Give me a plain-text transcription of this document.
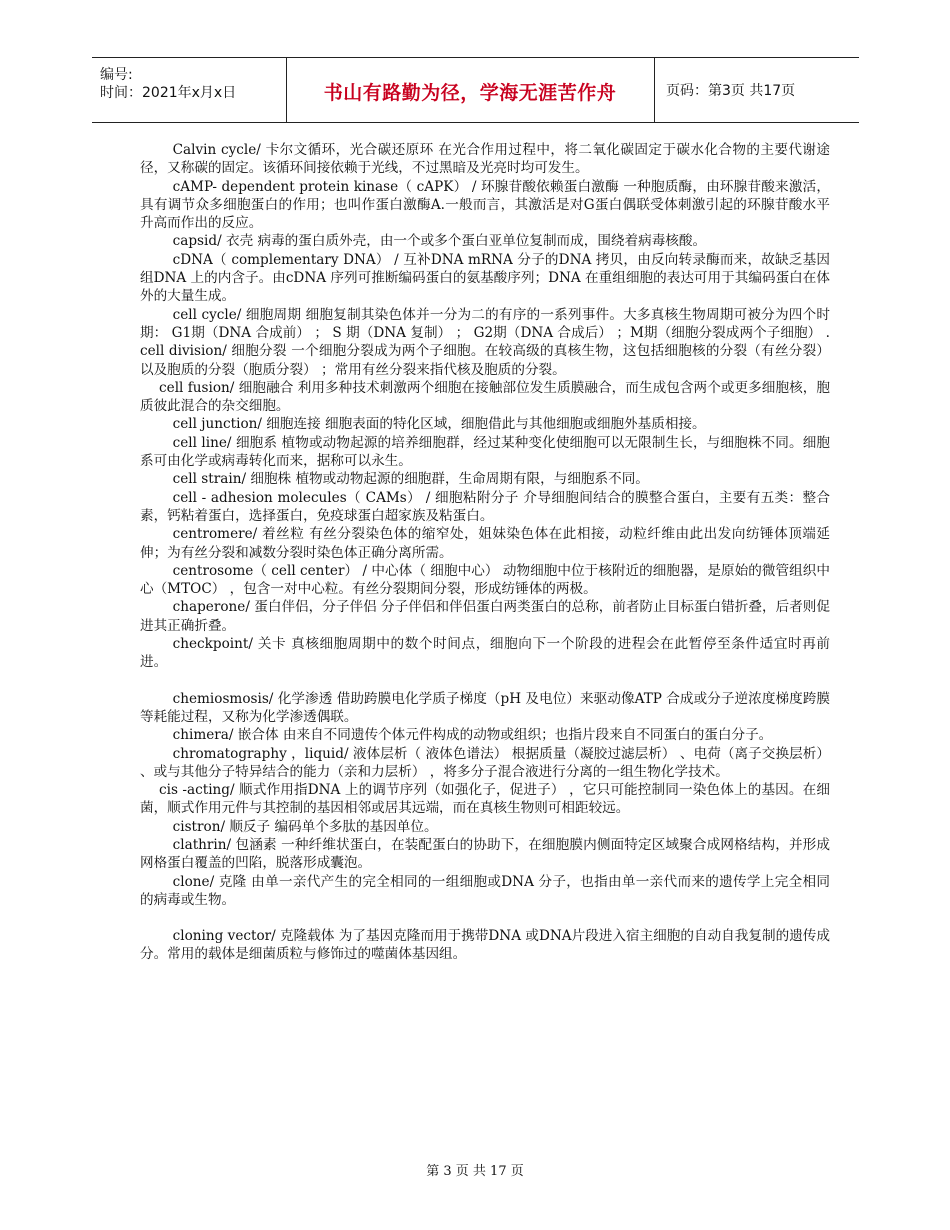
编号:
时间：2021年x月x日	书山有路勤为径，学海无涯苦作舟	页码：第3页 共17页

Calvin cycle/ 卡尔文循环，光合碳还原环 在光合作用过程中，将二氧化碳固定于碳水化合物的主要代谢途径，又称碳的固定。该循环间接依赖于光线，不过黑暗及光亮时均可发生。

cAMP- dependent protein kinase（ cAPK） / 环腺苷酸依赖蛋白激酶 一种胞质酶，由环腺苷酸来激活，具有调节众多细胞蛋白的作用；也叫作蛋白激酶A.一般而言，其激活是对G蛋白偶联受体刺激引起的环腺苷酸水平升高而作出的反应。

capsid/ 衣壳 病毒的蛋白质外壳，由一个或多个蛋白亚单位复制而成，围绕着病毒核酸。

cDNA（ complementary DNA） / 互补DNA mRNA 分子的DNA 拷贝，由反向转录酶而来，故缺乏基因组DNA 上的内含子。由cDNA 序列可推断编码蛋白的氨基酸序列；DNA 在重组细胞的表达可用于其编码蛋白在体外的大量生成。

cell cycle/ 细胞周期 细胞复制其染色体并一分为二的有序的一系列事件。大多真核生物周期可被分为四个时期： G1期（DNA 合成前） ； S 期（DNA 复制） ； G2期（DNA 合成后） ；M期（细胞分裂成两个子细胞） . cell division/ 细胞分裂 一个细胞分裂成为两个子细胞。在较高级的真核生物，这包括细胞核的分裂（有丝分裂） 以及胞质的分裂（胞质分裂） ；常用有丝分裂来指代核及胞质的分裂。

cell fusion/ 细胞融合 利用多种技术刺激两个细胞在接触部位发生质膜融合，而生成包含两个或更多细胞核，胞质彼此混合的杂交细胞。

cell junction/ 细胞连接 细胞表面的特化区域，细胞借此与其他细胞或细胞外基质相接。

cell line/ 细胞系 植物或动物起源的培养细胞群，经过某种变化使细胞可以无限制生长，与细胞株不同。细胞系可由化学或病毒转化而来，据称可以永生。

cell strain/ 细胞株 植物或动物起源的细胞群，生命周期有限，与细胞系不同。

cell - adhesion molecules（ CAMs） / 细胞粘附分子 介导细胞间结合的膜整合蛋白，主要有五类：整合素，钙粘着蛋白，选择蛋白，免疫球蛋白超家族及粘蛋白。

centromere/ 着丝粒 有丝分裂染色体的缩窄处，姐妹染色体在此相接，动粒纤维由此出发向纺锤体顶端延伸；为有丝分裂和减数分裂时染色体正确分离所需。

centrosome（ cell center） / 中心体（ 细胞中心） 动物细胞中位于核附近的细胞器，是原始的微管组织中心（MTOC） ，包含一对中心粒。有丝分裂期间分裂，形成纺锤体的两极。

chaperone/ 蛋白伴侣，分子伴侣 分子伴侣和伴侣蛋白两类蛋白的总称，前者防止目标蛋白错折叠，后者则促进其正确折叠。

checkpoint/ 关卡 真核细胞周期中的数个时间点，细胞向下一个阶段的进程会在此暂停至条件适宜时再前进。

chemiosmosis/ 化学渗透 借助跨膜电化学质子梯度（pH 及电位）来驱动像ATP 合成或分子逆浓度梯度跨膜等耗能过程，又称为化学渗透偶联。

chimera/ 嵌合体 由来自不同遗传个体元件构成的动物或组织；也指片段来自不同蛋白的蛋白分子。

chromatography ，liquid/ 液体层析（ 液体色谱法） 根据质量（凝胶过滤层析） 、电荷（离子交换层析） 、或与其他分子特异结合的能力（亲和力层析） ，将多分子混合液进行分离的一组生物化学技术。

cis -acting/ 顺式作用指DNA 上的调节序列（如强化子，促进子） ，它只可能控制同一染色体上的基因。在细菌，顺式作用元件与其控制的基因相邻或居其远端，而在真核生物则可相距较远。

cistron/ 顺反子 编码单个多肽的基因单位。

clathrin/ 包涵素 一种纤维状蛋白，在装配蛋白的协助下，在细胞膜内侧面特定区域聚合成网格结构，并形成网格蛋白覆盖的凹陷，脱落形成囊泡。

clone/ 克隆 由单一亲代产生的完全相同的一组细胞或DNA 分子，也指由单一亲代而来的遗传学上完全相同的病毒或生物。

cloning vector/ 克隆载体 为了基因克隆而用于携带DNA 或DNA片段进入宿主细胞的自动自我复制的遗传成分。常用的载体是细菌质粒与修饰过的噬菌体基因组。

第 3 页 共 17 页
